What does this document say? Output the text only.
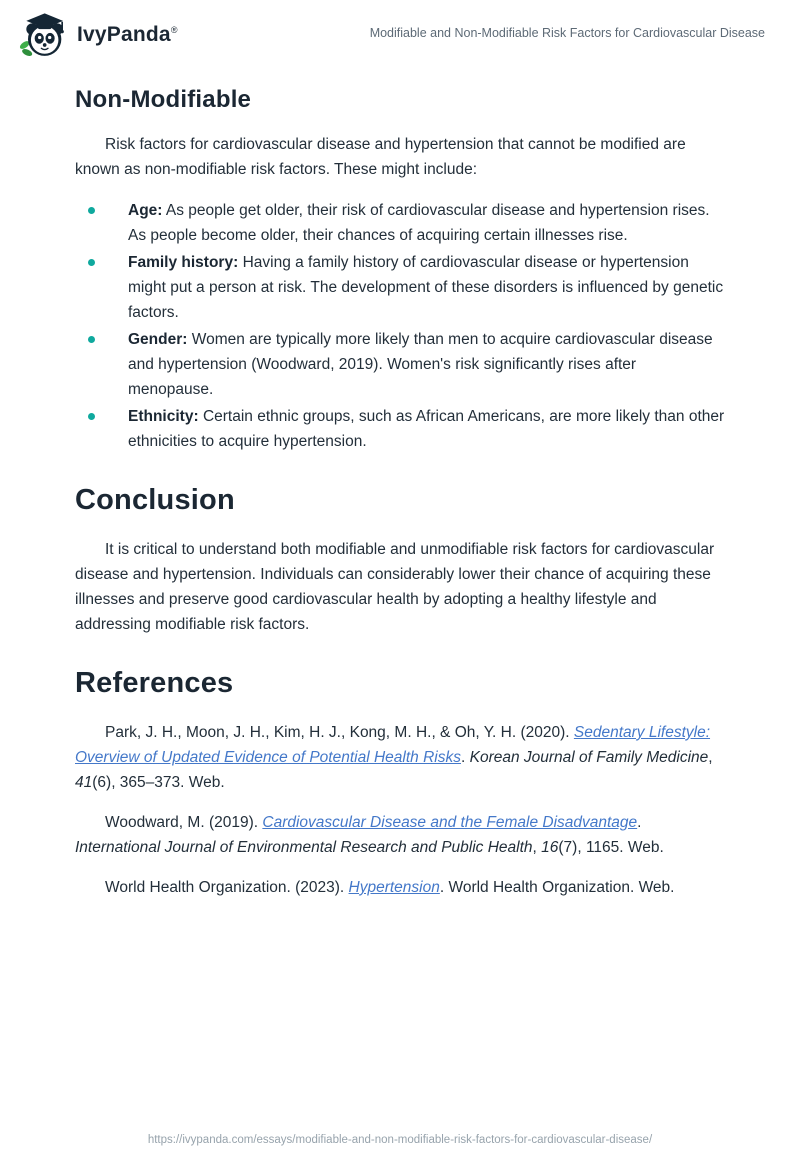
IvyPanda®	Modifiable and Non-Modifiable Risk Factors for Cardiovascular Disease
Non-Modifiable

Risk factors for cardiovascular disease and hypertension that cannot be modified are known as non-modifiable risk factors. These might include:

Age: As people get older, their risk of cardiovascular disease and hypertension rises. As people become older, their chances of acquiring certain illnesses rise.
Family history: Having a family history of cardiovascular disease or hypertension might put a person at risk. The development of these disorders is influenced by genetic factors.
Gender: Women are typically more likely than men to acquire cardiovascular disease and hypertension (Woodward, 2019). Women's risk significantly rises after menopause.
Ethnicity: Certain ethnic groups, such as African Americans, are more likely than other ethnicities to acquire hypertension.
Conclusion

It is critical to understand both modifiable and unmodifiable risk factors for cardiovascular disease and hypertension. Individuals can considerably lower their chance of acquiring these illnesses and preserve good cardiovascular health by adopting a healthy lifestyle and addressing modifiable risk factors.

References

Park, J. H., Moon, J. H., Kim, H. J., Kong, M. H., & Oh, Y. H. (2020). Sedentary Lifestyle: Overview of Updated Evidence of Potential Health Risks. Korean Journal of Family Medicine, 41(6), 365–373. Web.

Woodward, M. (2019). Cardiovascular Disease and the Female Disadvantage. International Journal of Environmental Research and Public Health, 16(7), 1165. Web.

World Health Organization. (2023). Hypertension. World Health Organization. Web.

https://ivypanda.com/essays/modifiable-and-non-modifiable-risk-factors-for-cardiovascular-disease/
